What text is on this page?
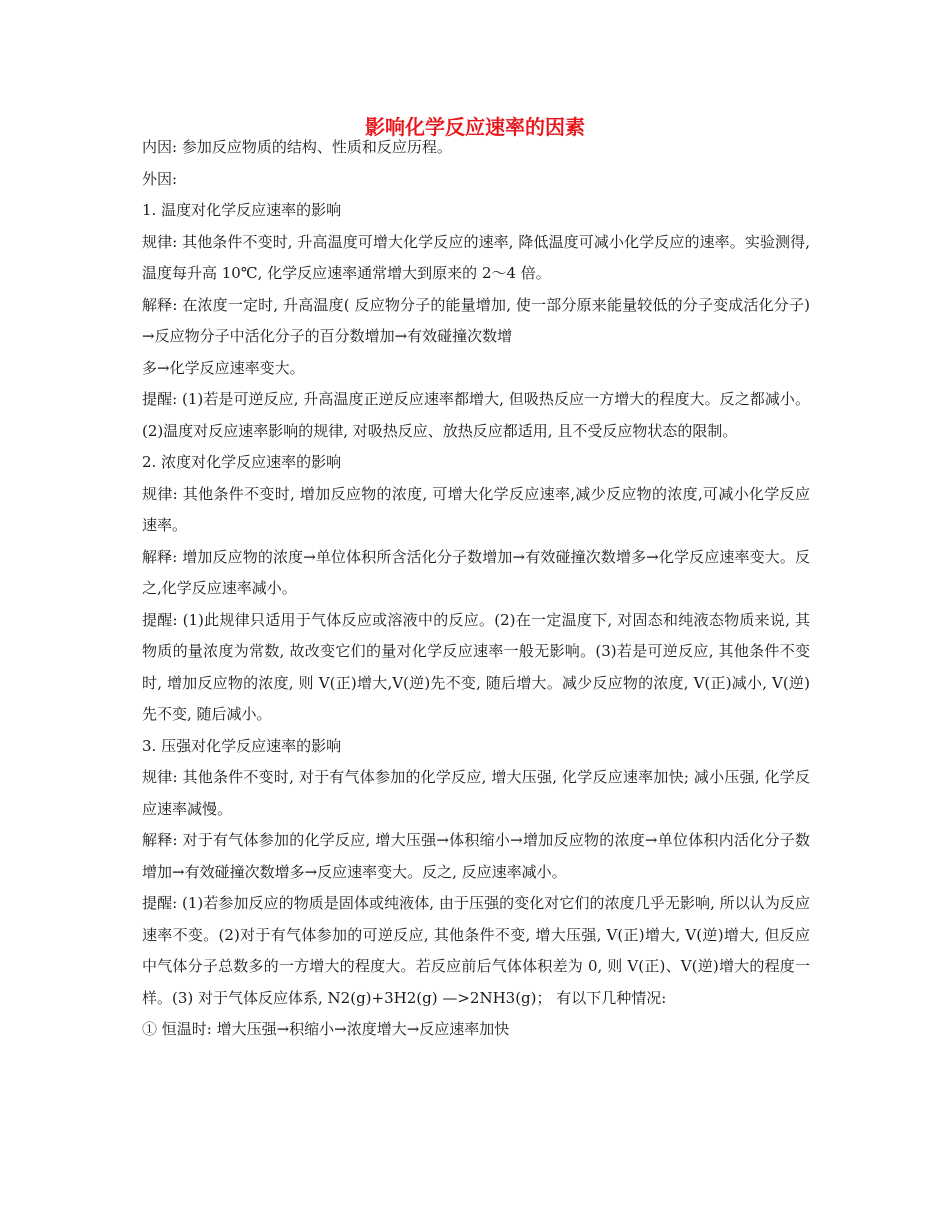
影响化学反应速率的因素

内因: 参加反应物质的结构、性质和反应历程。

外因:

1. 温度对化学反应速率的影响

规律: 其他条件不变时, 升高温度可增大化学反应的速率, 降低温度可减小化学反应的速率。实验测得, 温度每升高 10℃, 化学反应速率通常增大到原来的 2～4 倍。

解释: 在浓度一定时, 升高温度( 反应物分子的能量增加, 使一部分原来能量较低的分子变成活化分子) →反应物分子中活化分子的百分数增加→有效碰撞次数增

多→化学反应速率变大。

提醒: (1)若是可逆反应, 升高温度正逆反应速率都增大, 但吸热反应一方增大的程度大。反之都减小。(2)温度对反应速率影响的规律, 对吸热反应、放热反应都适用, 且不受反应物状态的限制。

2. 浓度对化学反应速率的影响

规律: 其他条件不变时, 增加反应物的浓度, 可增大化学反应速率,减少反应物的浓度,可减小化学反应速率。

解释: 增加反应物的浓度→单位体积所含活化分子数增加→有效碰撞次数增多→化学反应速率变大。反之,化学反应速率减小。

提醒: (1)此规律只适用于气体反应或溶液中的反应。(2)在一定温度下, 对固态和纯液态物质来说, 其物质的量浓度为常数, 故改变它们的量对化学反应速率一般无影响。(3)若是可逆反应, 其他条件不变时, 增加反应物的浓度, 则 V(正)增大,V(逆)先不变, 随后增大。减少反应物的浓度, V(正)减小, V(逆)先不变, 随后减小。

3. 压强对化学反应速率的影响

规律: 其他条件不变时, 对于有气体参加的化学反应, 增大压强, 化学反应速率加快; 减小压强, 化学反应速率减慢。

解释: 对于有气体参加的化学反应, 增大压强→体积缩小→增加反应物的浓度→单位体积内活化分子数增加→有效碰撞次数增多→反应速率变大。反之, 反应速率减小。

提醒: (1)若参加反应的物质是固体或纯液体, 由于压强的变化对它们的浓度几乎无影响, 所以认为反应速率不变。(2)对于有气体参加的可逆反应, 其他条件不变, 增大压强, V(正)增大, V(逆)增大, 但反应中气体分子总数多的一方增大的程度大。若反应前后气体体积差为 0, 则 V(正)、V(逆)增大的程度一样。(3) 对于气体反应体系, N2(g)+3H2(g) —>2NH3(g)； 有以下几种情况:

① 恒温时: 增大压强→积缩小→浓度增大→反应速率加快
